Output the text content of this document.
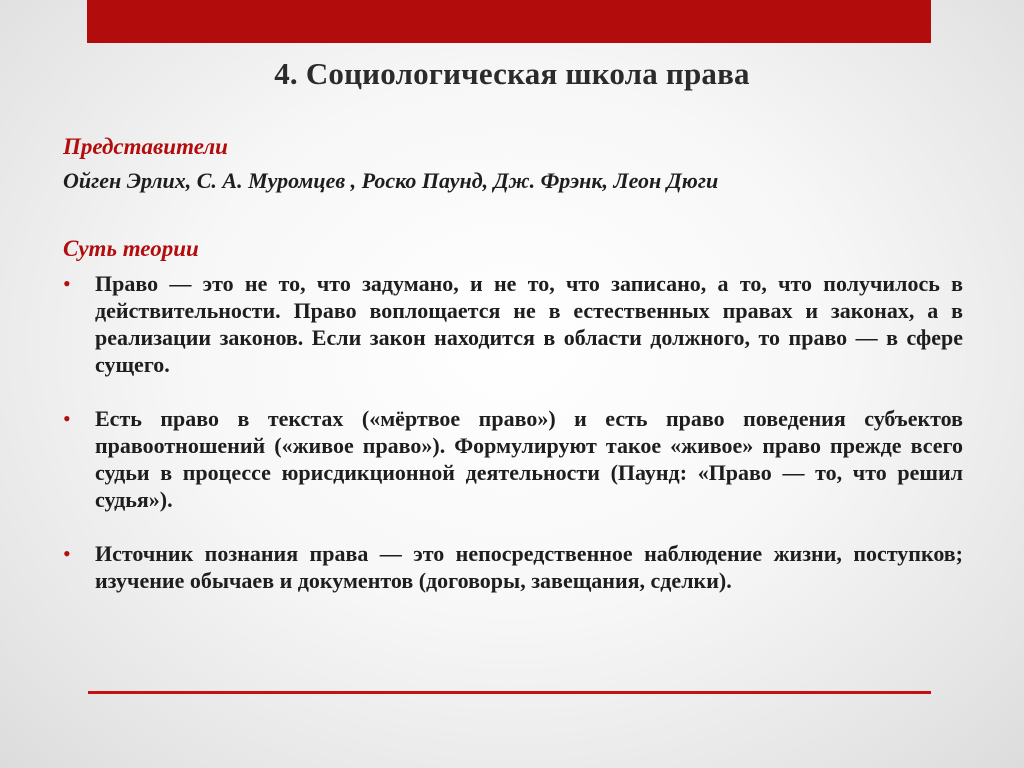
4. Социологическая школа права
Представители
Ойген Эрлих, С. А. Муромцев , Роско Паунд, Дж. Фрэнк, Леон Дюги
Суть теории
• Право — это не то, что задумано, и не то, что записано, а то, что получилось в действительности. Право воплощается не в естественных правах и законах, а в реализации законов. Если закон находится в области должного, то право — в сфере сущего.
• Есть право в текстах («мёртвое право») и есть право поведения субъектов правоотношений («живое право»). Формулируют такое «живое» право прежде всего судьи в процессе юрисдикционной деятельности (Паунд: «Право — то, что решил судья»).
• Источник познания права — это непосредственное наблюдение жизни, поступков; изучение обычаев и документов (договоры, завещания, сделки).
